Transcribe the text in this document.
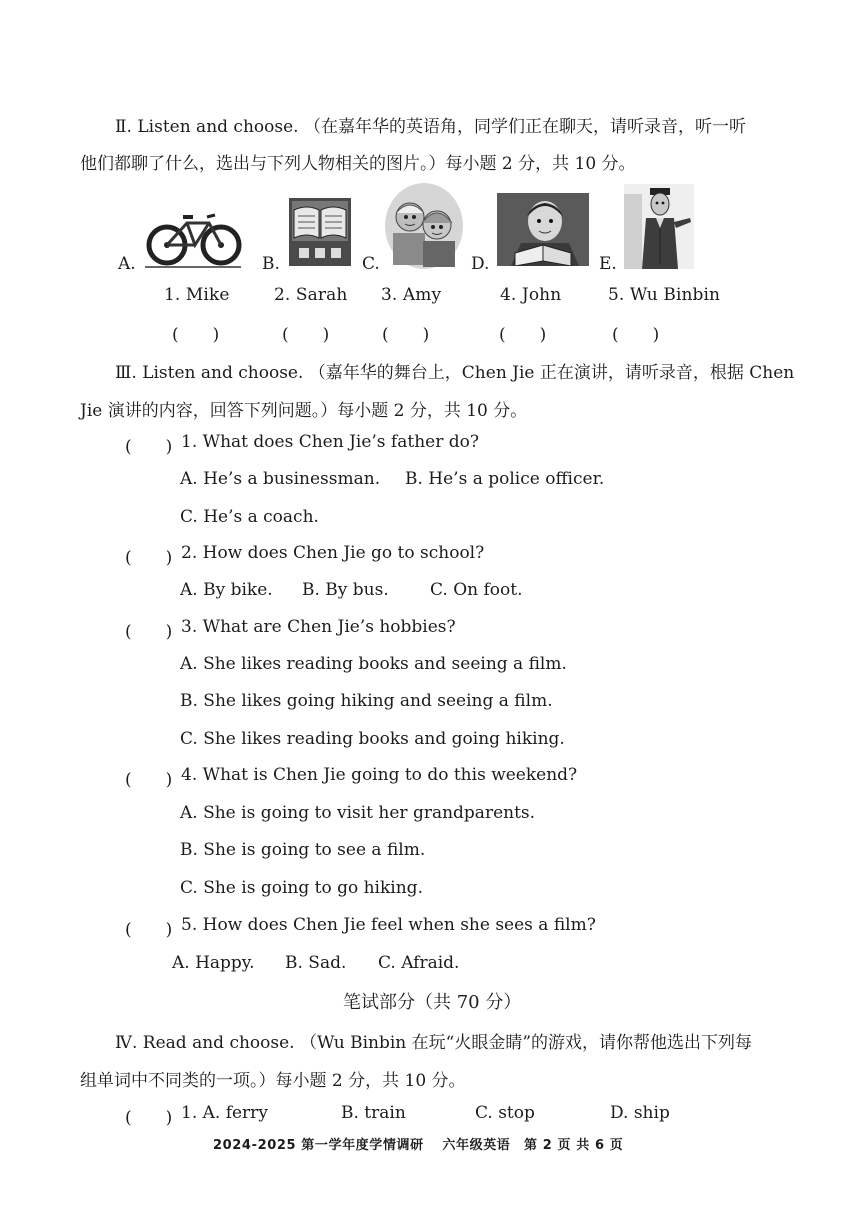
Ⅱ. Listen and choose. （在嘉年华的英语角，同学们正在聊天，请听录音，听一听
他们都聊了什么，选出与下列人物相关的图片。）每小题 2 分，共 10 分。
A.	B.	C.	D.	E.
1. Mike	2. Sarah 3. Amy	4. John	5. Wu Binbin
(　　)	(　　)	(　　)	(　　)	(　　)
Ⅲ. Listen and choose. （嘉年华的舞台上，Chen Jie 正在演讲，请听录音，根据 Chen
Jie 演讲的内容，回答下列问题。）每小题 2 分，共 10 分。
(　　) 1. What does Chen Jie’s father do?
A. He’s a businessman. B. He’s a police officer.
C. He’s a coach.
(　　) 2. How does Chen Jie go to school?
A. By bike. B. By bus. C. On foot.
(　　) 3. What are Chen Jie’s hobbies?
A. She likes reading books and seeing a film.
B. She likes going hiking and seeing a film.
C. She likes reading books and going hiking.
(　　) 4. What is Chen Jie going to do this weekend?
A. She is going to visit her grandparents.
B. She is going to see a film.
C. She is going to go hiking.
(　　) 5. How does Chen Jie feel when she sees a film?
A. Happy. B. Sad. C. Afraid.
笔试部分（共 70 分）
Ⅳ. Read and choose. （Wu Binbin 在玩“火眼金睛”的游戏，请你帮他选出下列每
组单词中不同类的一项。）每小题 2 分，共 10 分。
(　　) 1. A. ferry	B. train	C. stop	D. ship
2024-2025 第一学年度学情调研　 六年级英语　第 2 页 共 6 页
